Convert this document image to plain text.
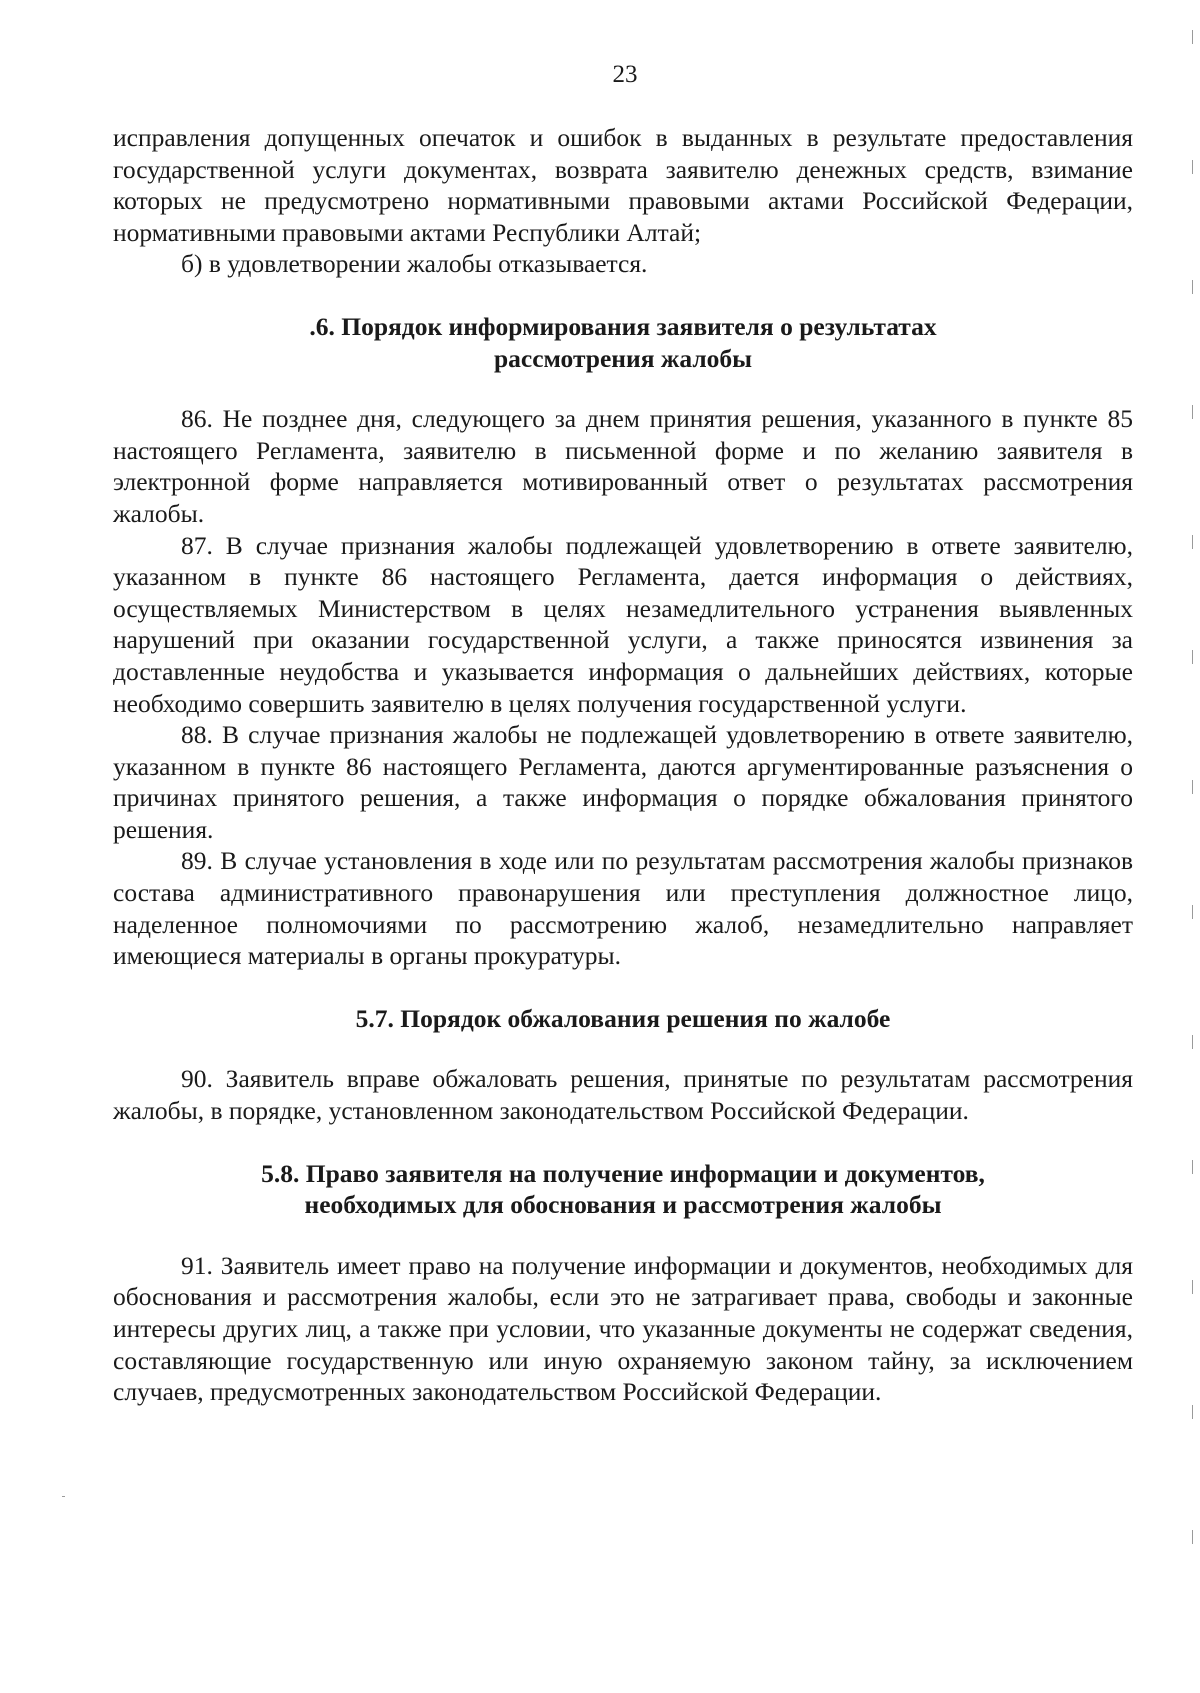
23

исправления допущенных опечаток и ошибок в выданных в результате предоставления государственной услуги документах, возврата заявителю денежных средств, взимание которых не предусмотрено нормативными правовыми актами Российской Федерации, нормативными правовыми актами Республики Алтай;

б) в удовлетворении жалобы отказывается.

.6. Порядок информирования заявителя о результатах
рассмотрения жалобы

86. Не позднее дня, следующего за днем принятия решения, указанного в пункте 85 настоящего Регламента, заявителю в письменной форме и по желанию заявителя в электронной форме направляется мотивированный ответ о результатах рассмотрения жалобы.

87. В случае признания жалобы подлежащей удовлетворению в ответе заявителю, указанном в пункте 86 настоящего Регламента, дается информация о действиях, осуществляемых Министерством в целях незамедлительного устранения выявленных нарушений при оказании государственной услуги, а также приносятся извинения за доставленные неудобства и указывается информация о дальнейших действиях, которые необходимо совершить заявителю в целях получения государственной услуги.

88. В случае признания жалобы не подлежащей удовлетворению в ответе заявителю, указанном в пункте 86 настоящего Регламента, даются аргументированные разъяснения о причинах принятого решения, а также информация о порядке обжалования принятого решения.

89. В случае установления в ходе или по результатам рассмотрения жалобы признаков состава административного правонарушения или преступления должностное лицо, наделенное полномочиями по рассмотрению жалоб, незамедлительно направляет имеющиеся материалы в органы прокуратуры.

5.7. Порядок обжалования решения по жалобе

90. Заявитель вправе обжаловать решения, принятые по результатам рассмотрения жалобы, в порядке, установленном законодательством Российской Федерации.

5.8. Право заявителя на получение информации и документов,
необходимых для обоснования и рассмотрения жалобы

91. Заявитель имеет право на получение информации и документов, необходимых для обоснования и рассмотрения жалобы, если это не затрагивает права, свободы и законные интересы других лиц, а также при условии, что указанные документы не содержат сведения, составляющие государственную или иную охраняемую законом тайну, за исключением случаев, предусмотренных законодательством Российской Федерации.
